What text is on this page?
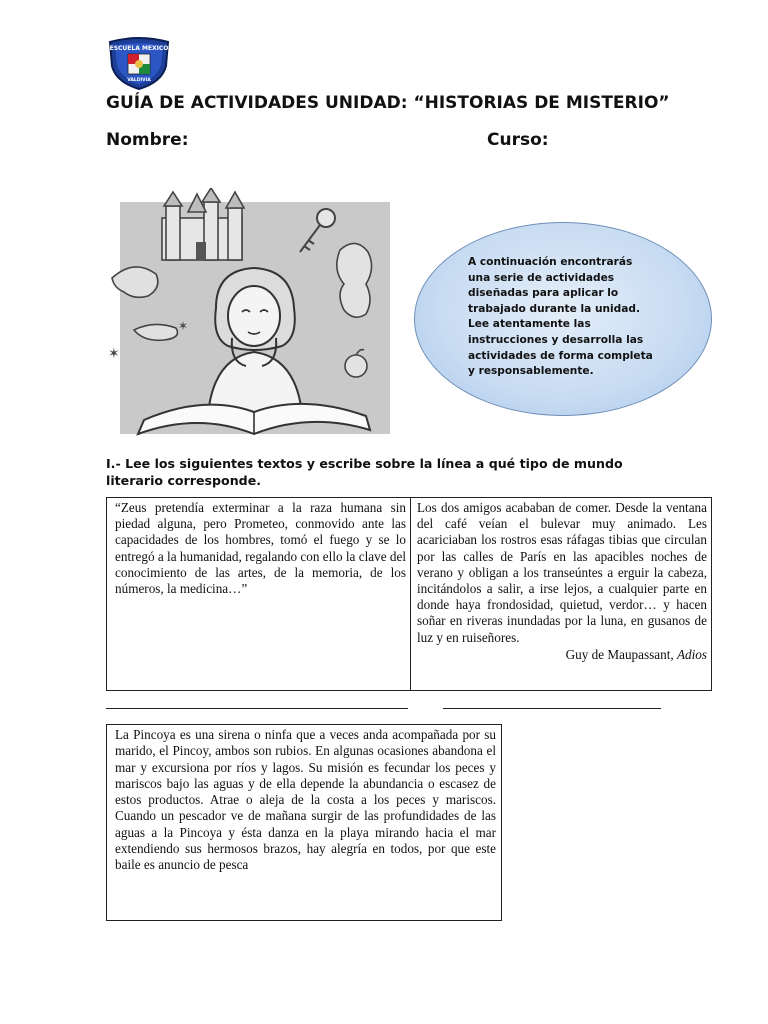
ESCUELA MEXICO
VALDIVIA
GUÍA DE ACTIVIDADES UNIDAD: “HISTORIAS DE MISTERIO”
Nombre:	Curso:
✶
✶
A continuación encontrarás
una serie de actividades
diseñadas para aplicar lo
trabajado durante la unidad.
Lee atentamente las
instrucciones y desarrolla las
actividades de forma completa
y responsablemente.
I.- Lee los siguientes textos y escribe sobre la línea a qué tipo de mundo
literario corresponde.
“Zeus pretendía exterminar a la raza humana sin piedad alguna, pero Prometeo, conmovido ante las capacidades de los hombres, tomó el fuego y se lo entregó a la humanidad, regalando con ello la clave del conocimiento de las artes, de la memoria, de los números, la medicina…”
Los dos amigos acababan de comer. Desde la ventana del café veían el bulevar muy animado. Les acariciaban los rostros esas ráfagas tibias que circulan por las calles de París en las apacibles noches de verano y obligan a los transeúntes a erguir la cabeza, incitándolos a salir, a irse lejos, a cualquier parte en donde haya frondosidad, quietud, verdor… y hacen soñar en riveras inundadas por la luna, en gusanos de luz y en ruiseñores.
Guy de Maupassant, Adios
La Pincoya es una sirena o ninfa que a veces anda acompañada por su marido, el Pincoy, ambos son rubios. En algunas ocasiones abandona el mar y excursiona por ríos y lagos. Su misión es fecundar los peces y mariscos bajo las aguas y de ella depende la abundancia o escasez de estos productos. Atrae o aleja de la costa a los peces y mariscos. Cuando un pescador ve de mañana surgir de las profundidades de las aguas a la Pincoya y ésta danza en la playa mirando hacia el mar extendiendo sus hermosos brazos, hay alegría en todos, por que este baile es anuncio de pesca
